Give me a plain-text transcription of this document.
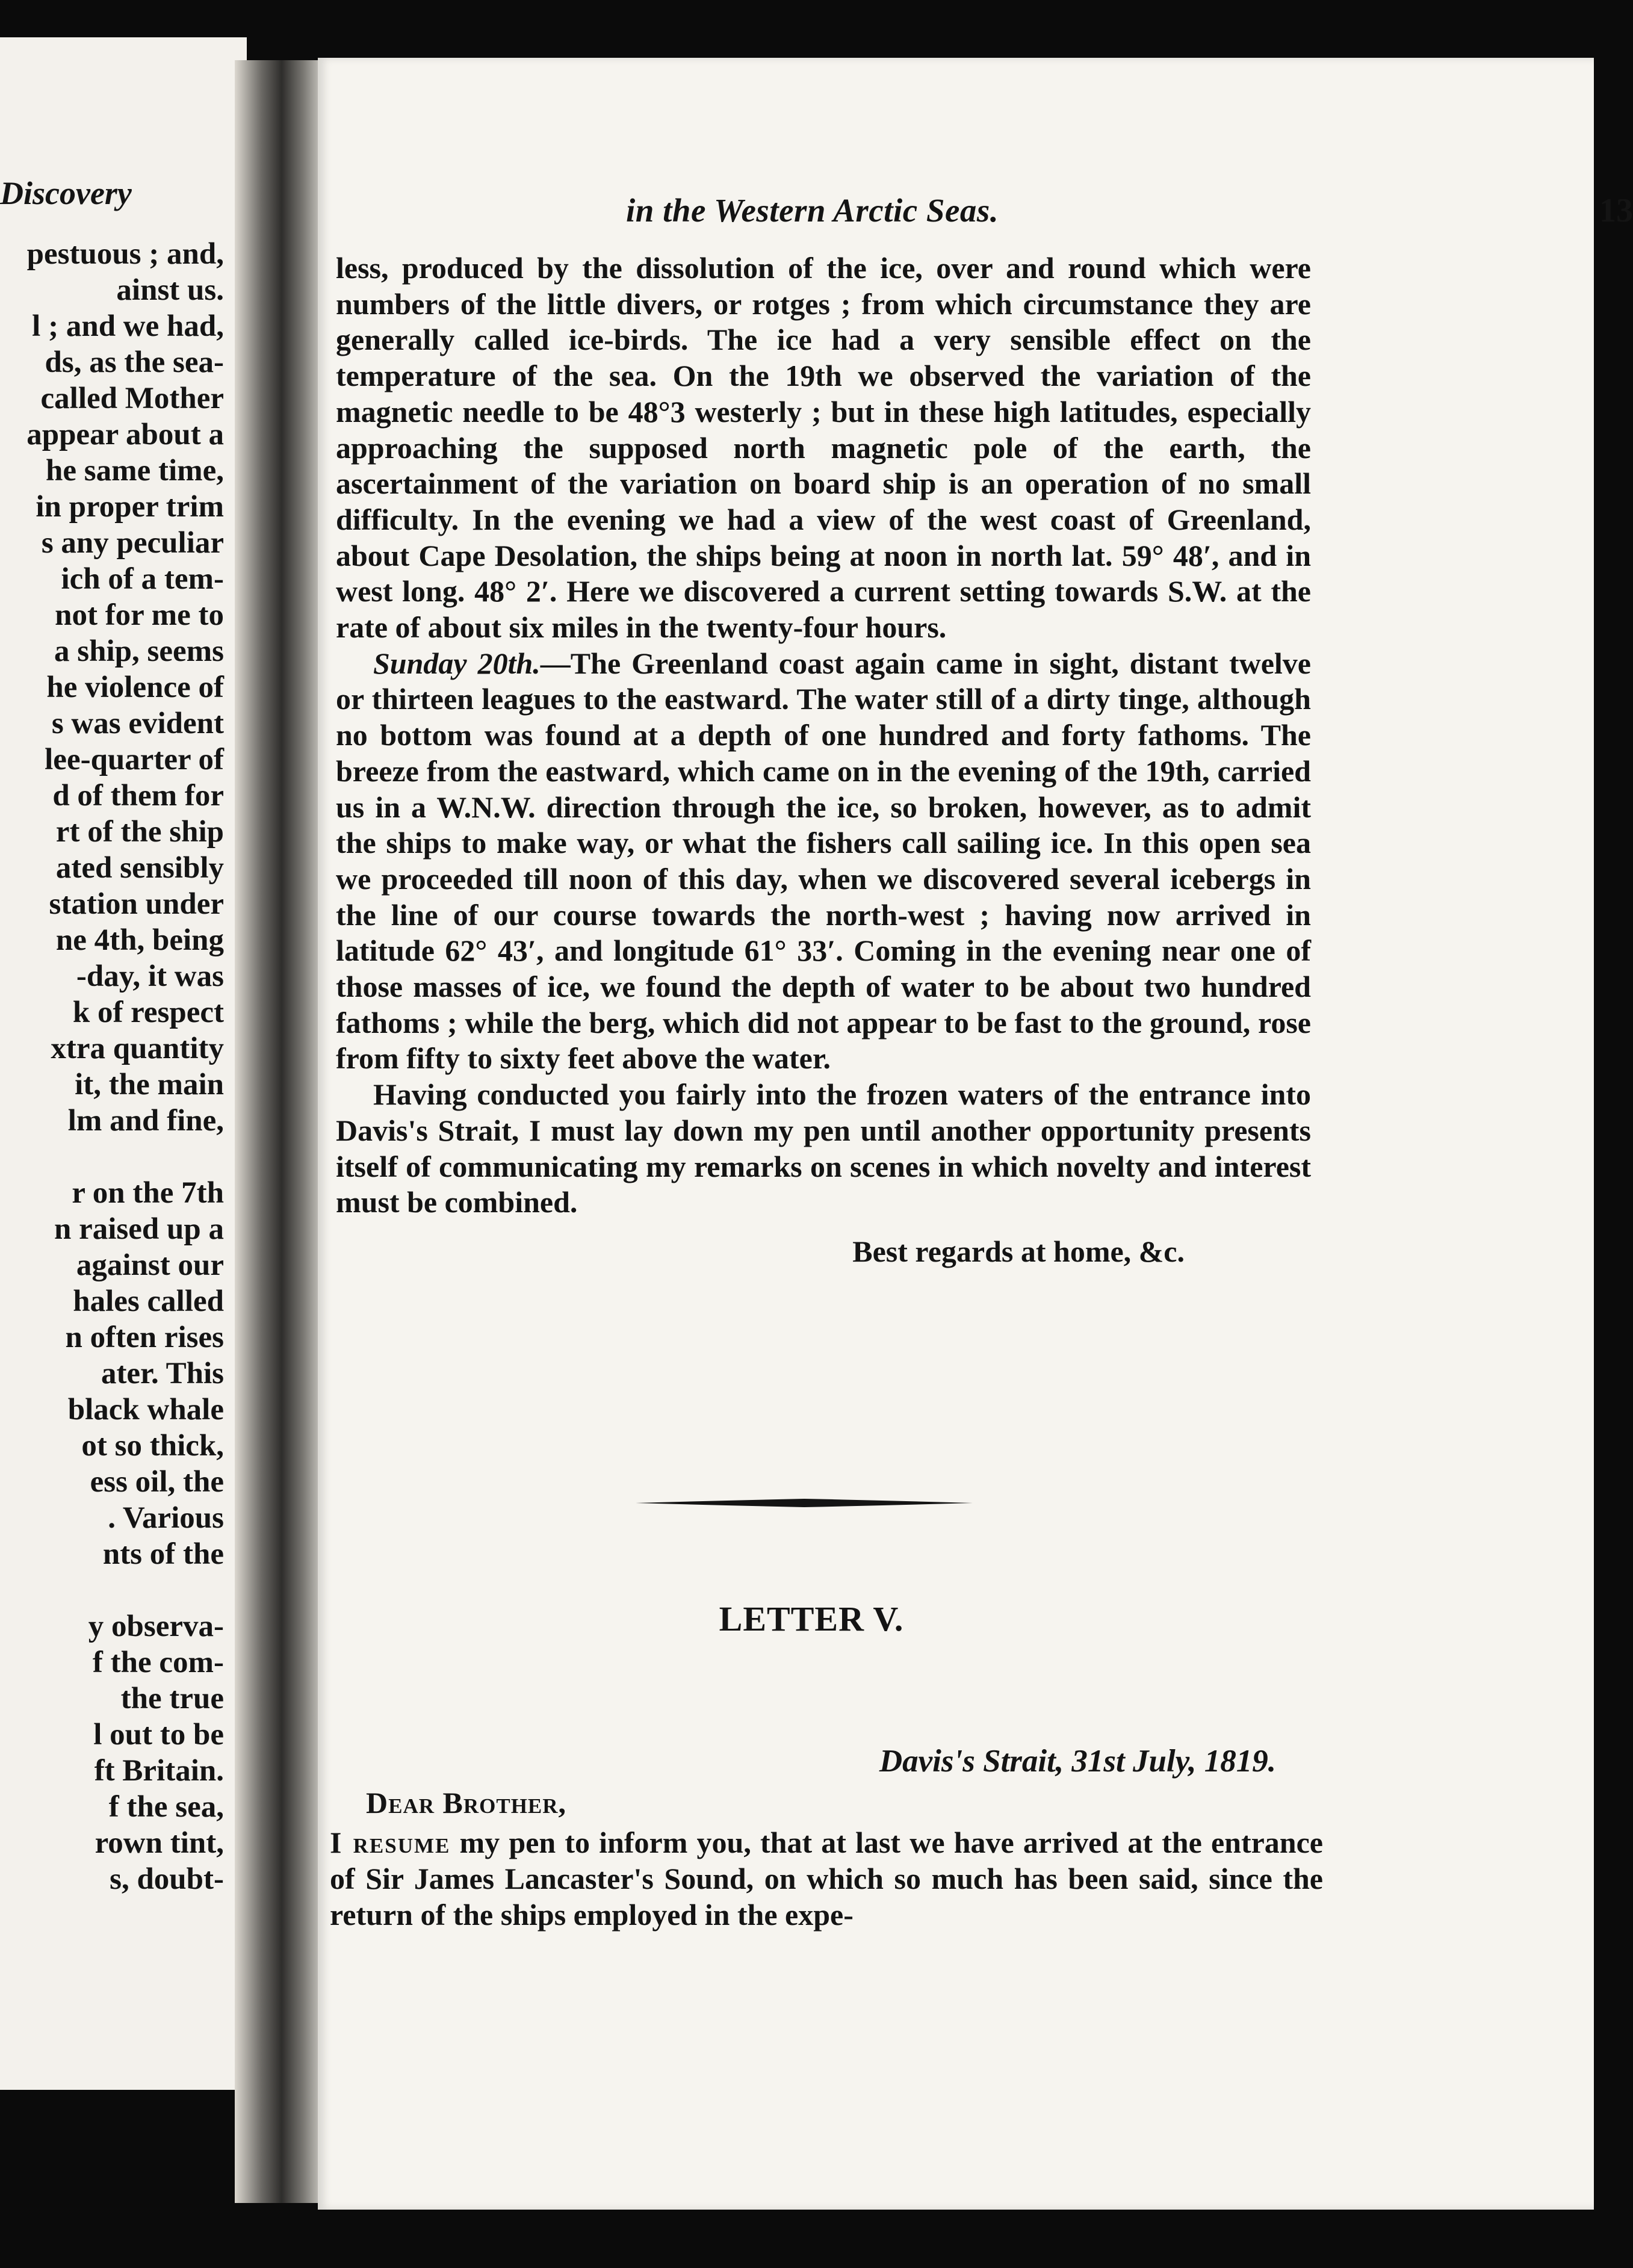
Discovery
pestuous ; and,
ainst us.
l ; and we had,
ds, as the sea-
called Mother
appear about a
he same time,
in proper trim
s any peculiar
ich of a tem-
not for me to
a ship, seems
he violence of
s was evident
lee-quarter of
d of them for
rt of the ship
ated sensibly
station under
ne 4th, being
-day, it was
k of respect
xtra quantity
it, the main
lm and fine,
r on the 7th
n raised up a
against our
hales called
n often rises
ater. This
black whale
ot so thick,
ess oil, the
. Various
nts of the
y observa-
f the com-
the true
l out to be
ft Britain.
f the sea,
rown tint,
s, doubt-
in the Western Arctic Seas.	13

less, produced by the dissolution of the ice, over and round which were numbers of the little divers, or rotges ; from which circumstance they are generally called ice-birds. The ice had a very sensible effect on the temperature of the sea. On the 19th we observed the variation of the magnetic needle to be 48°3 westerly ; but in these high latitudes, especially approaching the supposed north magnetic pole of the earth, the ascertainment of the variation on board ship is an operation of no small difficulty. In the evening we had a view of the west coast of Greenland, about Cape Desolation, the ships being at noon in north lat. 59° 48′, and in west long. 48° 2′. Here we discovered a current setting towards S.W. at the rate of about six miles in the twenty-four hours.

Sunday 20th.—The Greenland coast again came in sight, distant twelve or thirteen leagues to the eastward. The water still of a dirty tinge, although no bottom was found at a depth of one hundred and forty fathoms. The breeze from the eastward, which came on in the evening of the 19th, carried us in a W.N.W. direction through the ice, so broken, however, as to admit the ships to make way, or what the fishers call sailing ice. In this open sea we proceeded till noon of this day, when we discovered several icebergs in the line of our course towards the north-west ; having now arrived in latitude 62° 43′, and longitude 61° 33′. Coming in the evening near one of those masses of ice, we found the depth of water to be about two hundred fathoms ; while the berg, which did not appear to be fast to the ground, rose from fifty to sixty feet above the water.

Having conducted you fairly into the frozen waters of the entrance into Davis's Strait, I must lay down my pen until another opportunity presents itself of communicating my remarks on scenes in which novelty and interest must be combined.

Best regards at home, &c.

LETTER V.
Davis's Strait, 31st July, 1819.
Dear Brother,
I resume my pen to inform you, that at last we have arrived at the entrance of Sir James Lancaster's Sound, on which so much has been said, since the return of the ships employed in the expe-
